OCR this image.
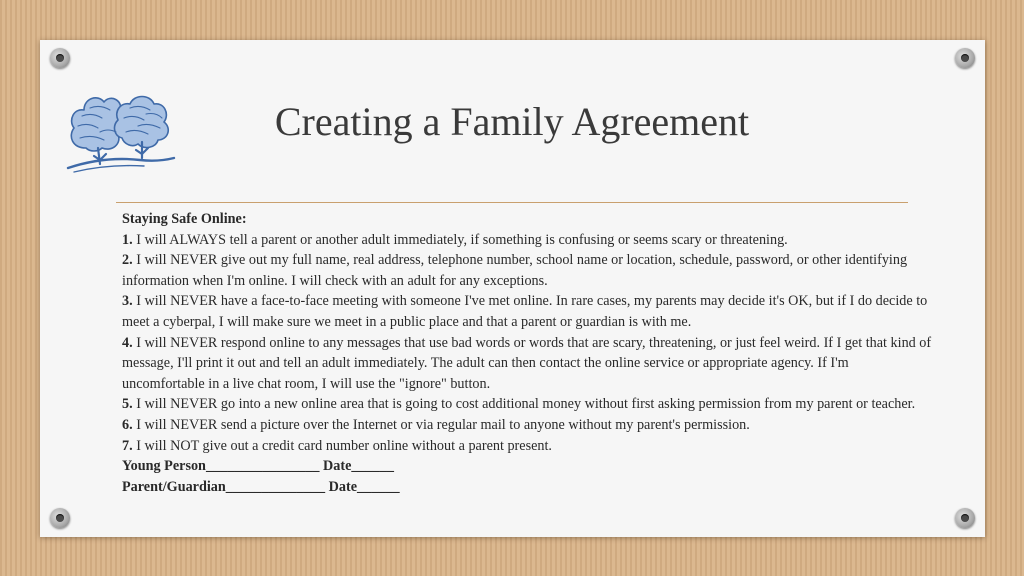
Creating a Family Agreement

Staying Safe Online:

1. I will ALWAYS tell a parent or another adult immediately, if something is confusing or seems scary or threatening.

2. I will NEVER give out my full name, real address, telephone number, school name or location, schedule, password, or other identifying information when I'm online. I will check with an adult for any exceptions.

3. I will NEVER have a face-to-face meeting with someone I've met online. In rare cases, my parents may decide it's OK, but if I do decide to meet a cyberpal, I will make sure we meet in a public place and that a parent or guardian is with me.

4. I will NEVER respond online to any messages that use bad words or words that are scary, threatening, or just feel weird. If I get that kind of message, I'll print it out and tell an adult immediately. The adult can then contact the online service or appropriate agency. If I'm uncomfortable in a live chat room, I will use the "ignore" button.

5. I will NEVER go into a new online area that is going to cost additional money without first asking permission from my parent or teacher.

6. I will NEVER send a picture over the Internet or via regular mail to anyone without my parent's permission.

7. I will NOT give out a credit card number online without a parent present.

Young Person________________ Date______

Parent/Guardian______________ Date______
